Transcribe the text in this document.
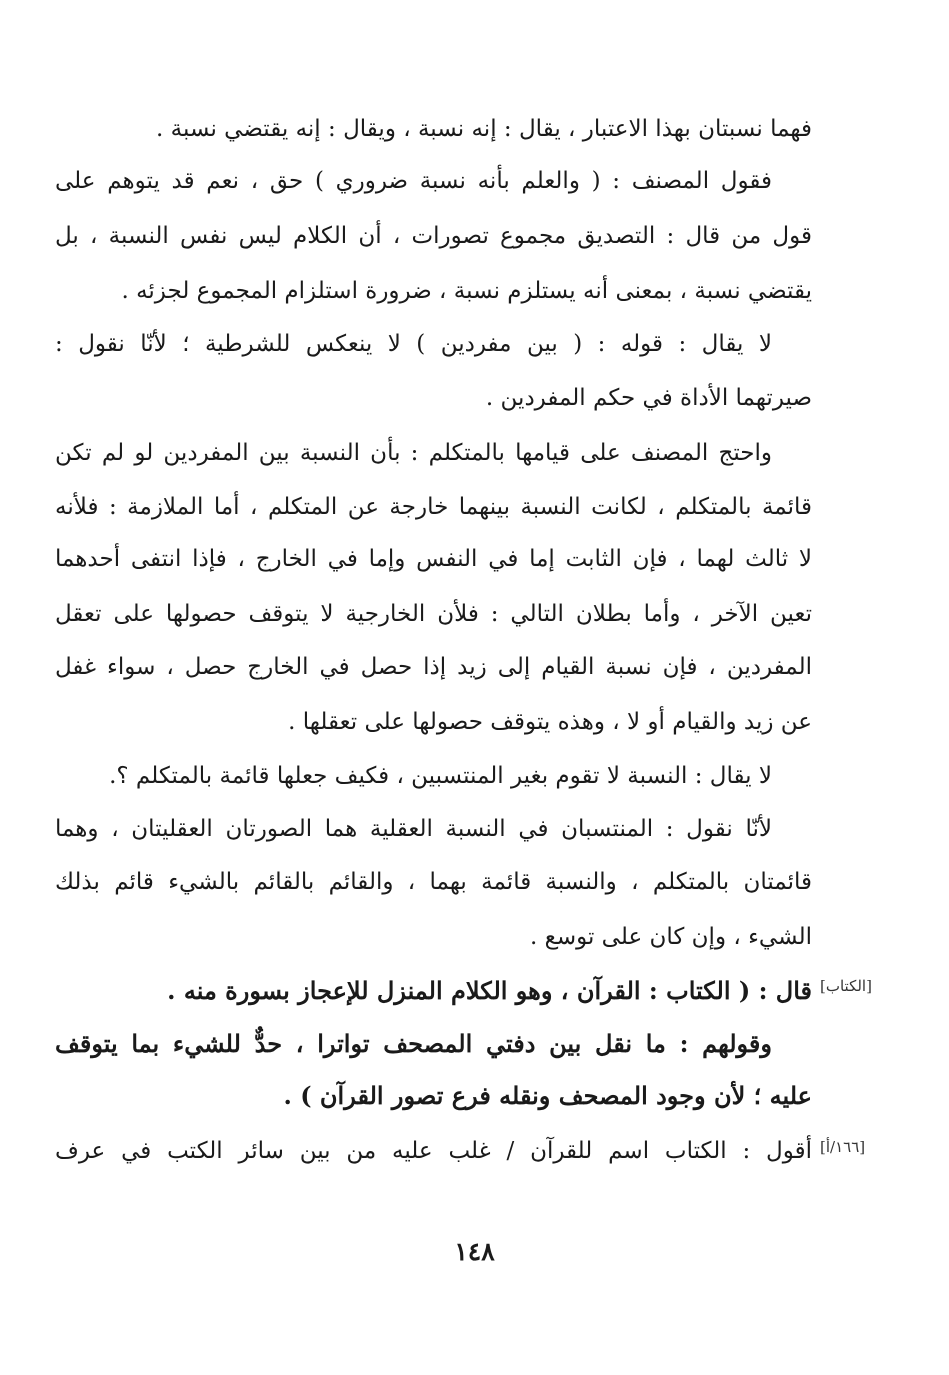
فهما نسبتان بهذا الاعتبار ، يقال : إنه نسبة ، ويقال : إنه يقتضي نسبة .
فقول المصنف : ( والعلم بأنه نسبة ضروري ) حق ، نعم قد يتوهم على
قول من قال : التصديق مجموع تصورات ، أن الكلام ليس نفس النسبة ، بل
يقتضي نسبة ، بمعنى أنه يستلزم نسبة ، ضرورة استلزام المجموع لجزئه .
لا يقال : قوله : ( بين مفردين ) لا ينعكس للشرطية ؛ لأنّا نقول :
صيرتهما الأداة في حكم المفردين .
واحتج المصنف على قيامها بالمتكلم : بأن النسبة بين المفردين لو لم تكن
قائمة بالمتكلم ، لكانت النسبة بينهما خارجة عن المتكلم ، أما الملازمة : فلأنه
لا ثالث لهما ، فإن الثابت إما في النفس وإما في الخارج ، فإذا انتفى أحدهما
تعين الآخر ، وأما بطلان التالي : فلأن الخارجية لا يتوقف حصولها على تعقل
المفردين ، فإن نسبة القيام إلى زيد إذا حصل في الخارج حصل ، سواء غفل
عن زيد والقيام أو لا ، وهذه يتوقف حصولها على تعقلها .
لا يقال : النسبة لا تقوم بغير المنتسبين ، فكيف جعلها قائمة بالمتكلم ؟.
لأنّا نقول : المنتسبان في النسبة العقلية هما الصورتان العقليتان ، وهما
قائمتان بالمتكلم ، والنسبة قائمة بهما ، والقائم بالقائم بالشيء قائم بذلك
الشيء ، وإن كان على توسع .
[الكتاب]
قال : ( الكتاب : القرآن ، وهو الكلام المنزل للإعجاز بسورة منه .
وقولهم : ما نقل بين دفتي المصحف تواترا ، حدٌّ للشيء بما يتوقف
عليه ؛ لأن وجود المصحف ونقله فرع تصور القرآن ) .
[١٦٦/أ]
أقول : الكتاب اسم للقرآن / غلب عليه من بين سائر الكتب في عرف
١٤٨
